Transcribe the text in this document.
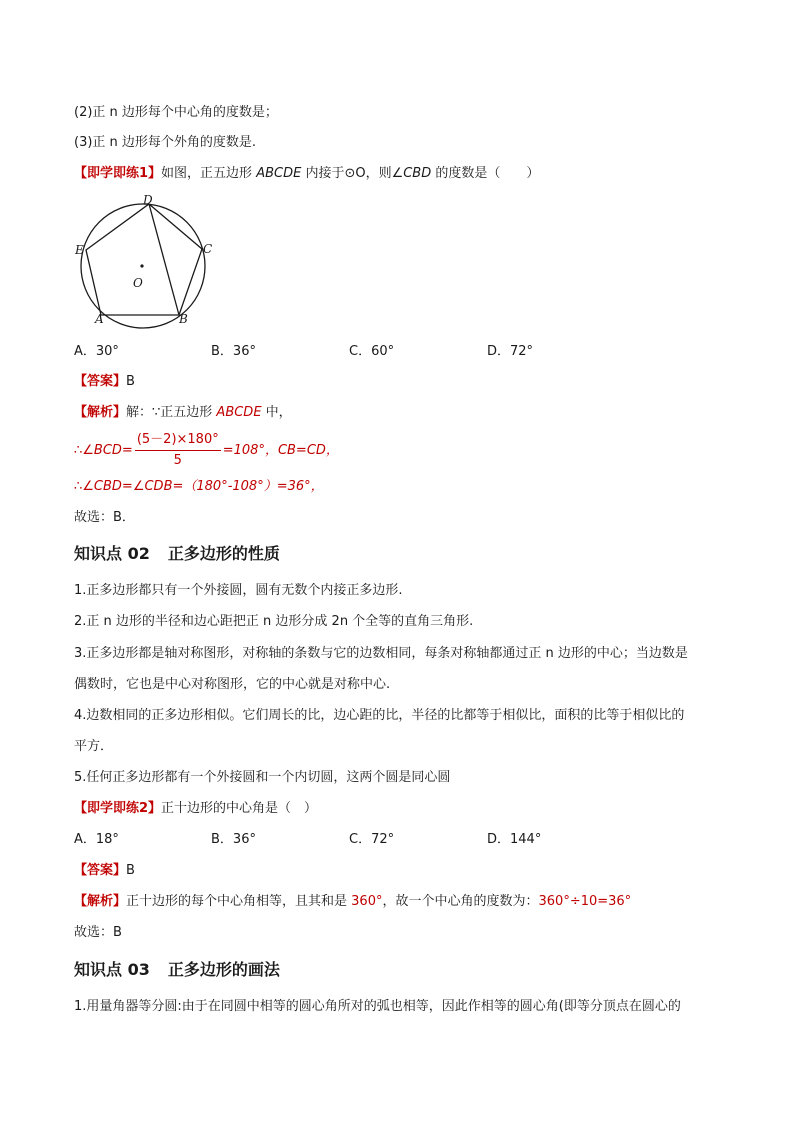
(2)正 n 边形每个中心角的度数是；
(3)正 n 边形每个外角的度数是.
【即学即练1】如图，正五边形 ABCDE 内接于⊙O，则∠CBD 的度数是（　　）
D
C
E
O
A	B
A．30°	B．36°	C．60°	D．72°
【答案】B
【解析】解：∵正五边形 ABCDE 中，
∴∠BCD= $\frac{(5-2)\times 180^\circ}{5} =108^\circ$，CB=CD，
∴∠CBD=∠CDB=（180°-108°）=36°，
故选：B．
知识点 02 正多边形的性质
1.正多边形都只有一个外接圆，圆有无数个内接正多边形.
2.正 n 边形的半径和边心距把正 n 边形分成 2n 个全等的直角三角形.
3.正多边形都是轴对称图形，对称轴的条数与它的边数相同，每条对称轴都通过正 n 边形的中心；当边数是
偶数时，它也是中心对称图形，它的中心就是对称中心.
4.边数相同的正多边形相似。它们周长的比，边心距的比，半径的比都等于相似比，面积的比等于相似比的
平方．
5.任何正多边形都有一个外接圆和一个内切圆，这两个圆是同心圆
【即学即练2】正十边形的中心角是（　）
A．18°	B．36°	C．72°	D．144°
【答案】B
【解析】正十边形的每个中心角相等，且其和是 360°，故一个中心角的度数为：360°÷10=36°
故选：B
知识点 03 正多边形的画法
1.用量角器等分圆:由于在同圆中相等的圆心角所对的弧也相等，因此作相等的圆心角(即等分顶点在圆心的
